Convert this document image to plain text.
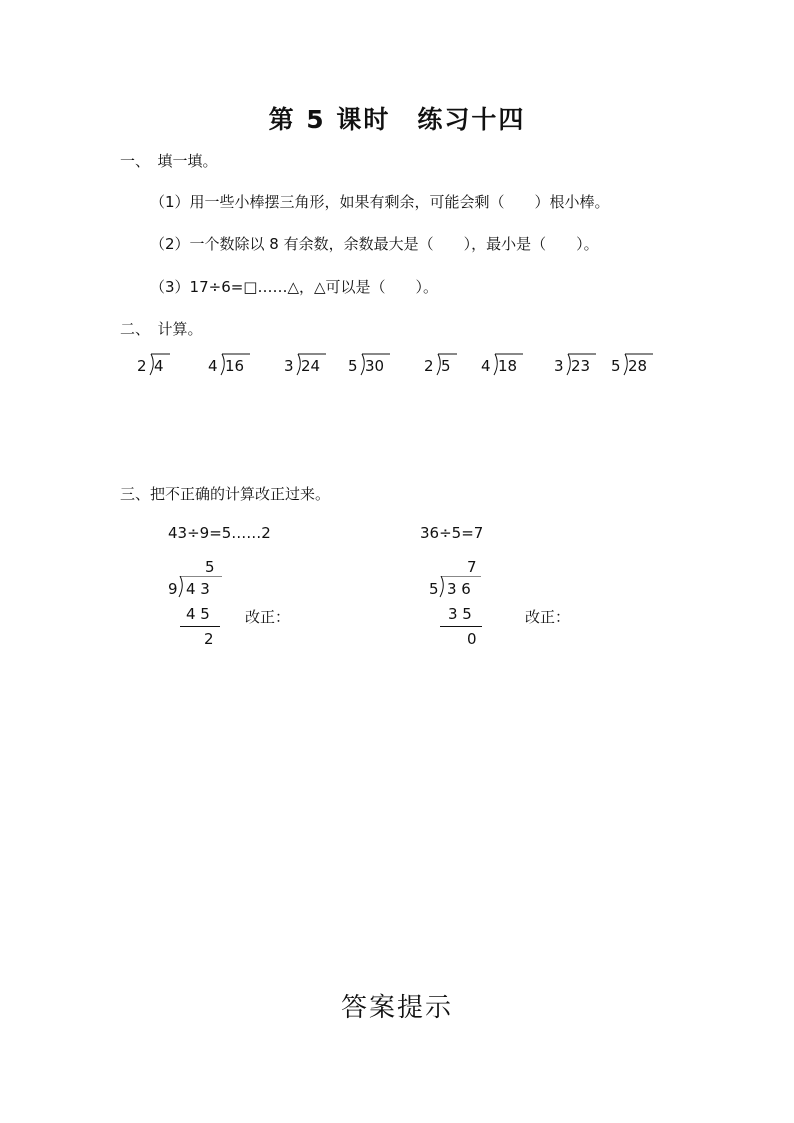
第 5 课时　练习十四
一、　填一填。
（1）用一些小棒摆三角形，如果有剩余，可能会剩（　　）根小棒。
（2）一个数除以 8 有余数，余数最大是（　　），最小是（　　）。
（3）17÷6=□……△，△可以是（　　）。
二、　计算。
2 4	4 16	3 24 5 30	2 5 4 18 3 23 5 28
三、把不正确的计算改正过来。
43÷9=5……2
5
9 4 3
4 5
2
改正：
36÷5=7
7
5 3 6
3 5
0
改正：
答案提示
